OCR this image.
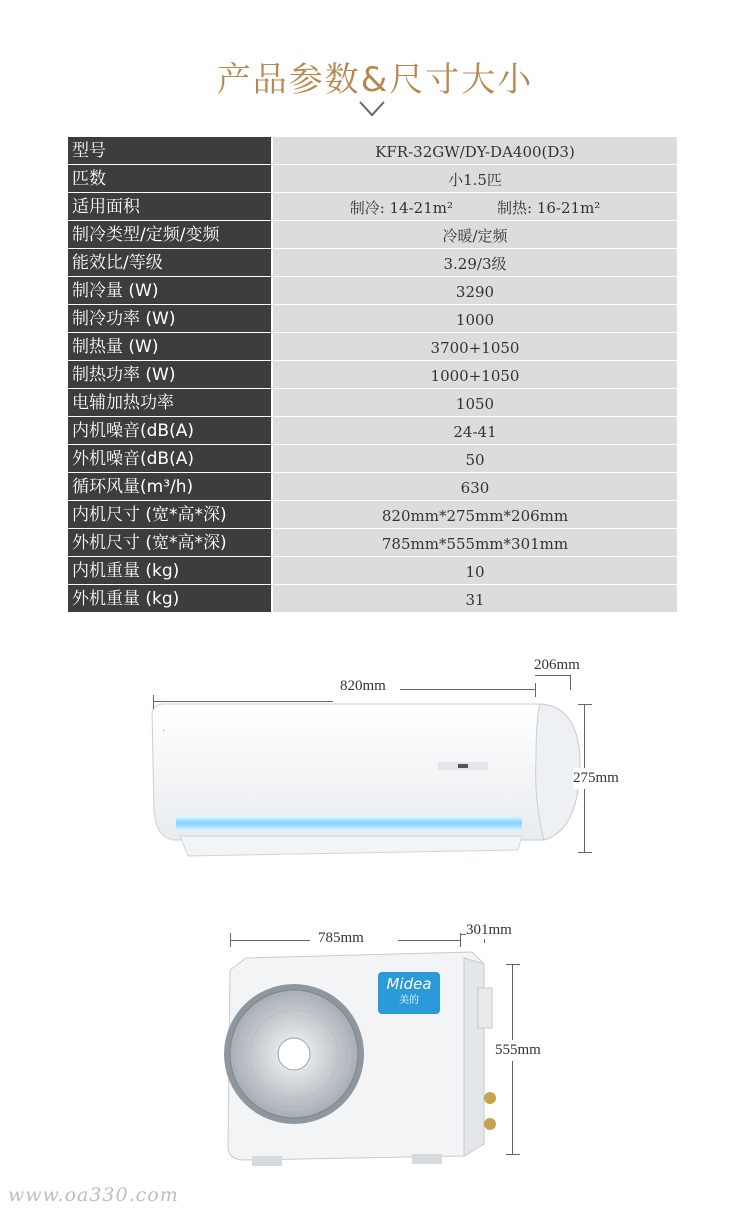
产品参数&尺寸大小
型号	KFR-32GW/DY-DA400(D3)
匹数	小1.5匹
适用面积	制冷: 14-21m²	制热: 16-21m²
制冷类型/定频/变频	冷暖/定频
能效比/等级	3.29/3级
制冷量 (W)	3290
制冷功率 (W)	1000
制热量 (W)	3700+1050
制热功率 (W)	1000+1050
电辅加热功率	1050
内机噪音(dB(A)	24-41
外机噪音(dB(A)	50
循环风量(m³/h)	630
内机尺寸 (宽*高*深)	820mm*275mm*206mm
外机尺寸 (宽*高*深)	785mm*555mm*301mm
内机重量 (kg)	10
外机重量 (kg)	31
·
820mm
206mm
275mm
Midea
美的
785mm	301mm
555mm
www.oa330.com
